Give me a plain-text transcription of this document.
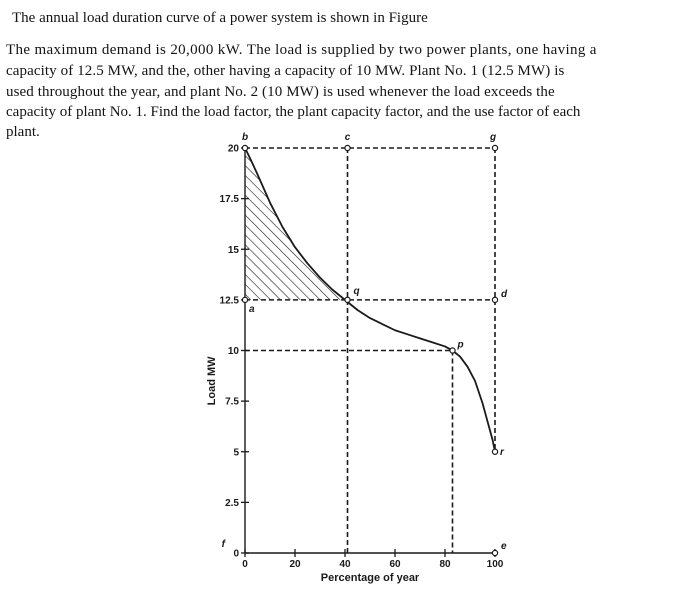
The annual load duration curve of a power system is shown in Figure

The maximum demand is 20,000 kW. The load is supplied by two power plants, one having a

capacity of 12.5 MW, and the, other having a capacity of 10 MW. Plant No. 1 (12.5 MW) is

used throughout the year, and plant No. 2 (10 MW) is used whenever the load exceeds the

capacity of plant No. 1. Find the load factor, the plant capacity factor, and the use factor of each

plant.

0
2.5
5
7.5
10
12.5
15
17.5
20
0	20	40	60	80	100
b	c	g
q
a
d
p
r
e
f
Percentage of year
Load MW
